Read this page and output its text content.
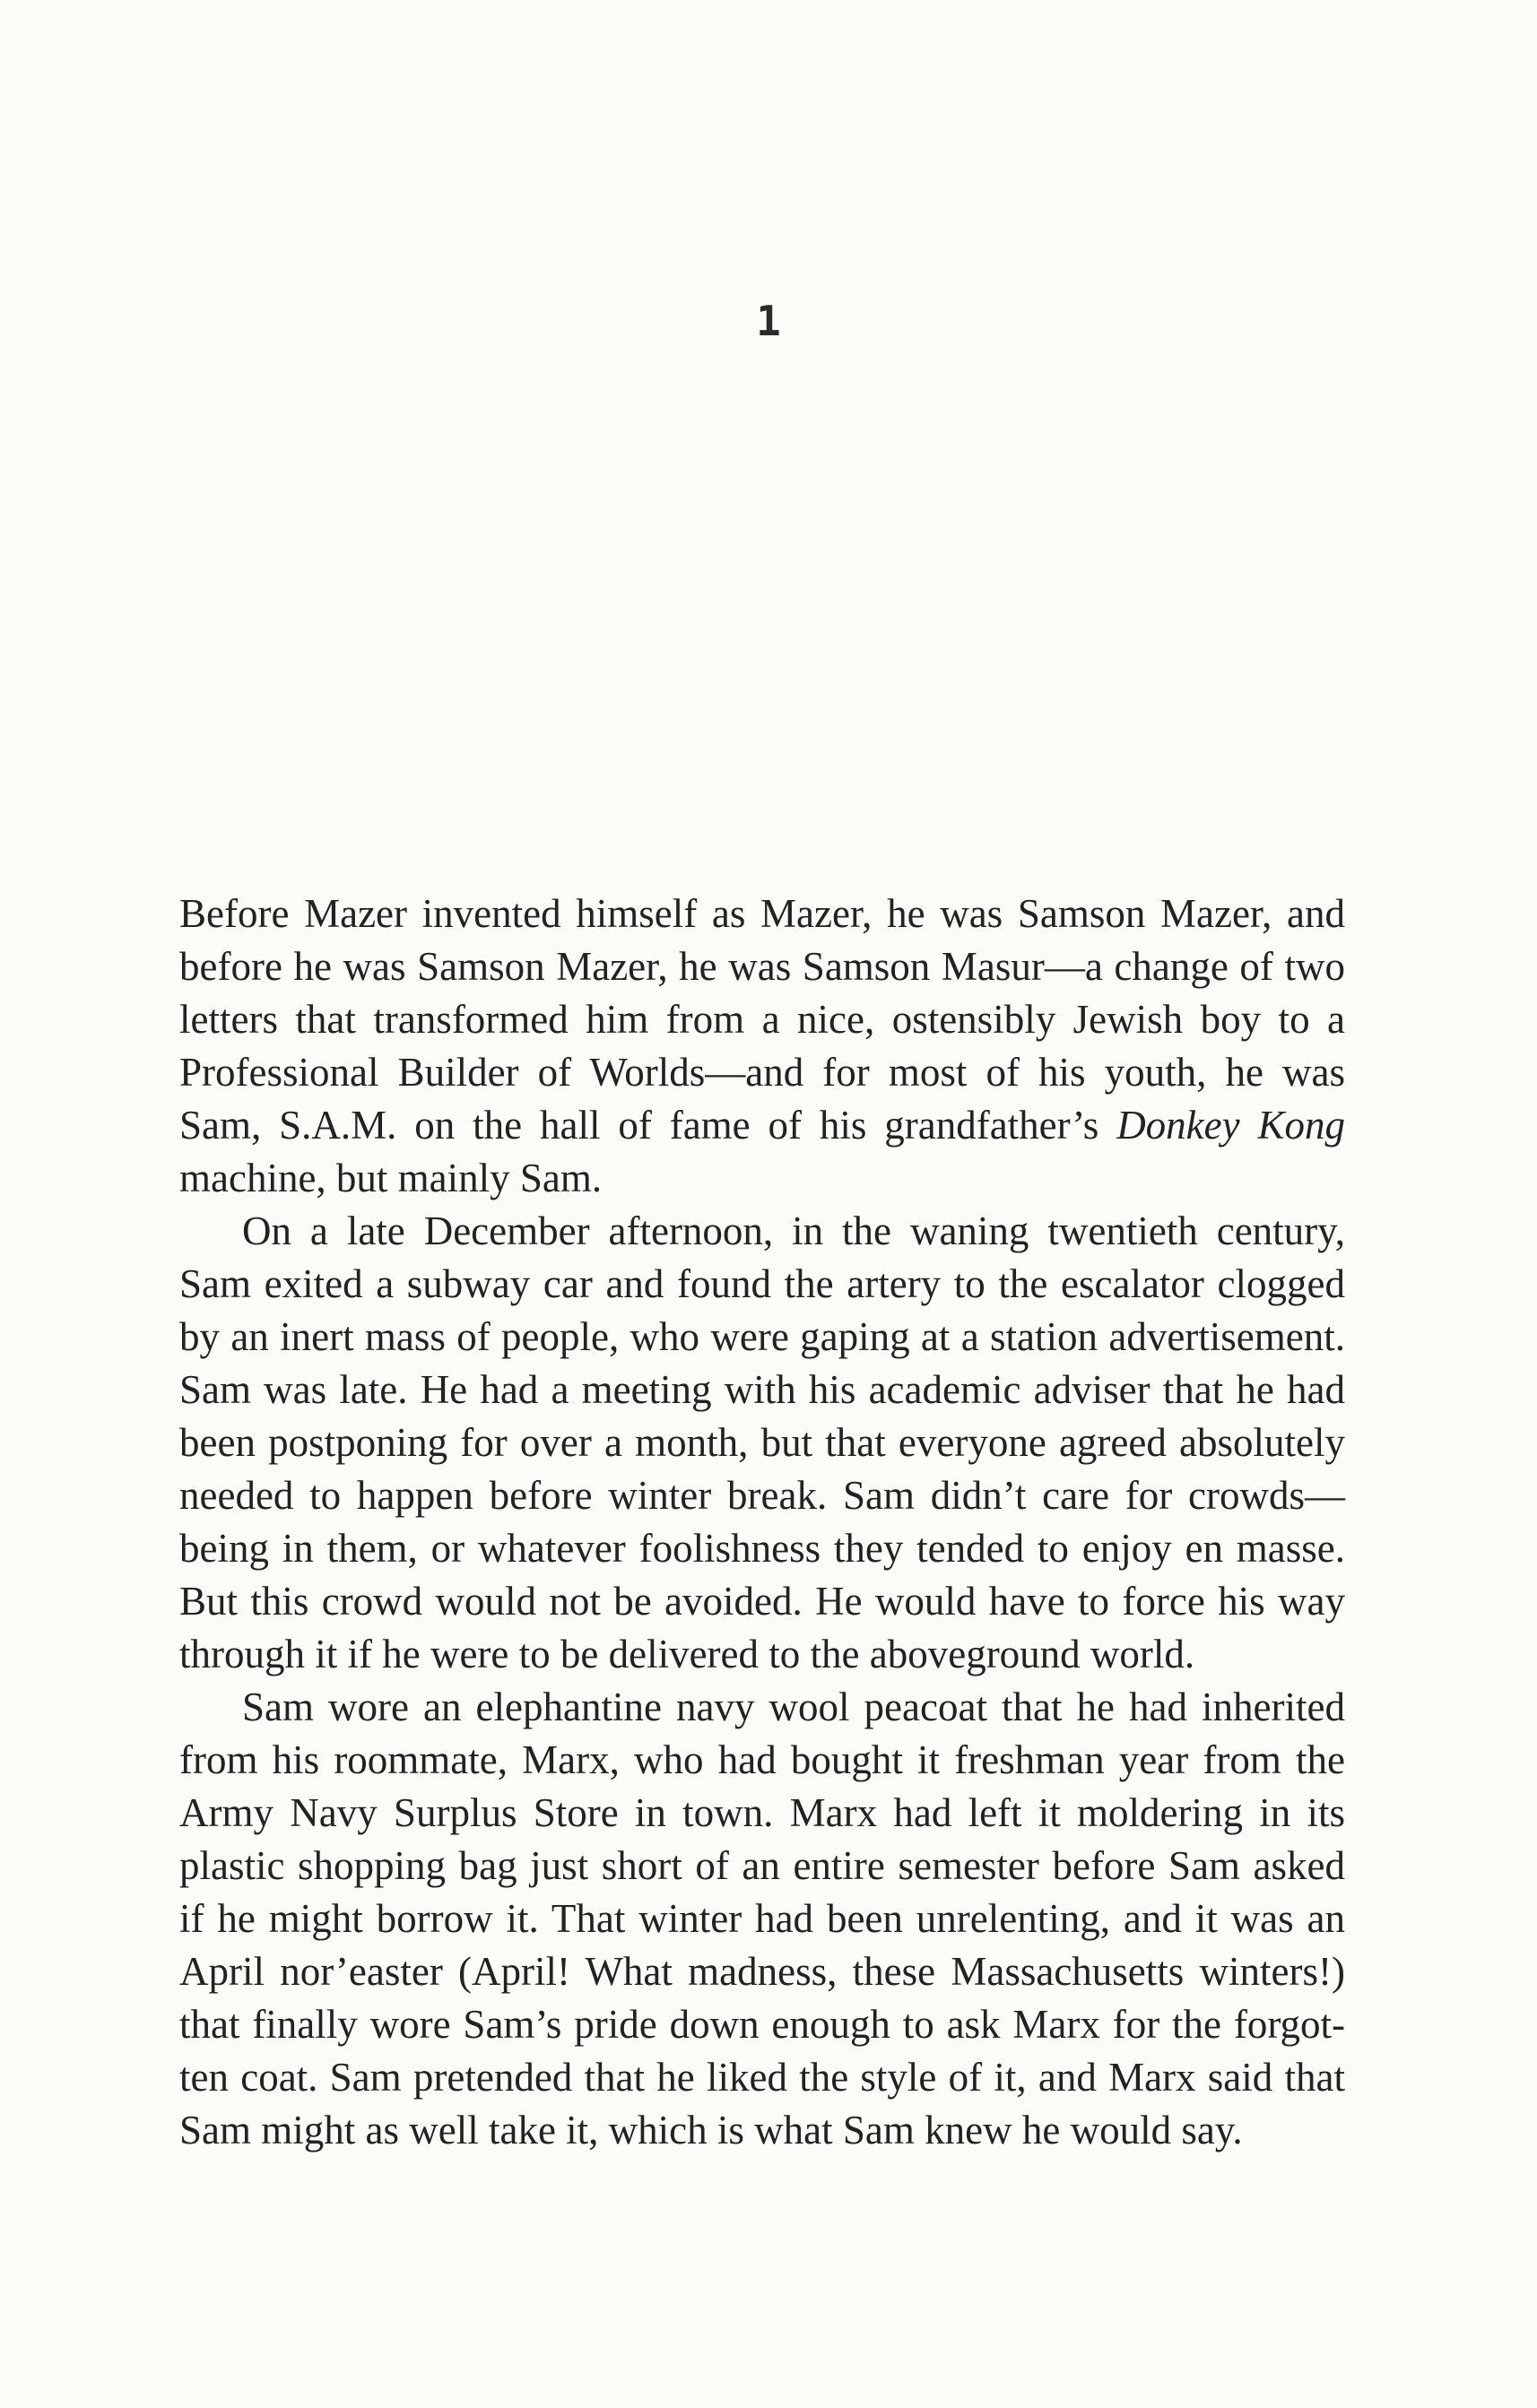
1

Before Mazer invented himself as Mazer, he was Samson Mazer, and before he was Samson Mazer, he was Samson Masur—a change of two letters that transformed him from a nice, ostensibly Jewish boy to a Professional Builder of Worlds—and for most of his youth, he was Sam, S.A.M. on the hall of fame of his grandfather’s Donkey Kong machine, but mainly Sam.

On a late December afternoon, in the waning twentieth century, Sam exited a subway car and found the artery to the escalator clogged by an inert mass of people, who were gaping at a station advertisement. Sam was late. He had a meeting with his academic adviser that he had been postponing for over a month, but that everyone agreed absolutely needed to happen before winter break. Sam didn’t care for crowds—being in them, or whatever foolishness they tended to enjoy en masse. But this crowd would not be avoided. He would have to force his way through it if he were to be delivered to the aboveground world.

Sam wore an elephantine navy wool peacoat that he had inherited from his roommate, Marx, who had bought it freshman year from the Army Navy Surplus Store in town. Marx had left it moldering in its plastic shopping bag just short of an entire semester before Sam asked if he might borrow it. That winter had been unrelenting, and it was an April nor’easter (April! What madness, these Massachusetts winters!) that finally wore Sam’s pride down enough to ask Marx for the forgotten coat. Sam pretended that he liked the style of it, and Marx said that Sam might as well take it, which is what Sam knew he would say.
